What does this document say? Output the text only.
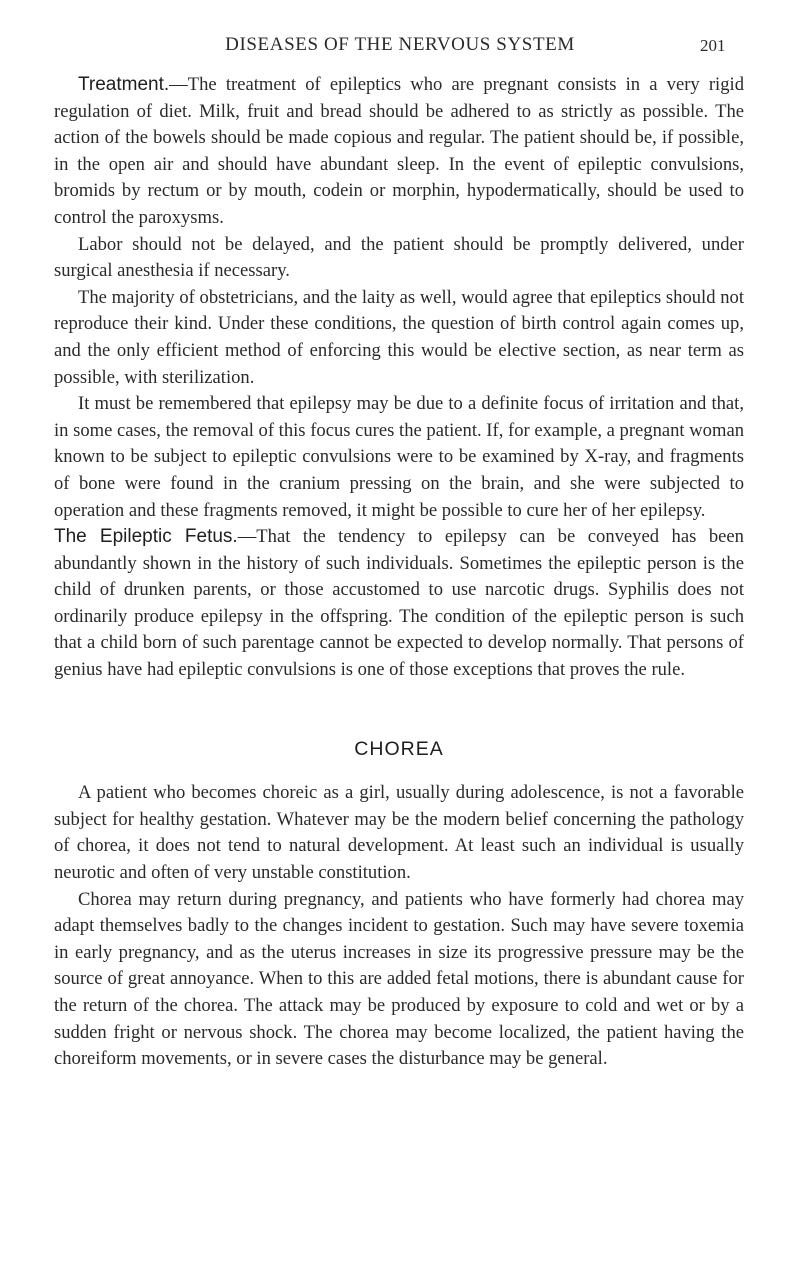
DISEASES OF THE NERVOUS SYSTEM	201

Treatment.—The treatment of epileptics who are pregnant consists in a very rigid regulation of diet. Milk, fruit and bread should be adhered to as strictly as possible. The action of the bowels should be made copious and regular. The patient should be, if possible, in the open air and should have abundant sleep. In the event of epileptic convulsions, bromids by rectum or by mouth, codein or morphin, hypodermatically, should be used to control the paroxysms.

Labor should not be delayed, and the patient should be promptly delivered, under surgical anesthesia if necessary.

The majority of obstetricians, and the laity as well, would agree that epileptics should not reproduce their kind. Under these conditions, the question of birth control again comes up, and the only efficient method of enforcing this would be elective section, as near term as possible, with sterilization.

It must be remembered that epilepsy may be due to a definite focus of irritation and that, in some cases, the removal of this focus cures the patient. If, for example, a pregnant woman known to be subject to epileptic convulsions were to be examined by X-ray, and fragments of bone were found in the cranium pressing on the brain, and she were subjected to operation and these fragments removed, it might be possible to cure her of her epilepsy.

The Epileptic Fetus.—That the tendency to epilepsy can be conveyed has been abundantly shown in the history of such individuals. Sometimes the epileptic person is the child of drunken parents, or those accustomed to use narcotic drugs. Syphilis does not ordinarily produce epilepsy in the offspring. The condition of the epileptic person is such that a child born of such parentage cannot be expected to develop normally. That persons of genius have had epileptic convulsions is one of those exceptions that proves the rule.

CHOREA

A patient who becomes choreic as a girl, usually during adolescence, is not a favorable subject for healthy gestation. Whatever may be the modern belief concerning the pathology of chorea, it does not tend to natural development. At least such an individual is usually neurotic and often of very unstable constitution.

Chorea may return during pregnancy, and patients who have formerly had chorea may adapt themselves badly to the changes incident to gestation. Such may have severe toxemia in early pregnancy, and as the uterus increases in size its progressive pressure may be the source of great annoyance. When to this are added fetal motions, there is abundant cause for the return of the chorea. The attack may be produced by exposure to cold and wet or by a sudden fright or nervous shock. The chorea may become localized, the patient having the choreiform movements, or in severe cases the disturbance may be general.
